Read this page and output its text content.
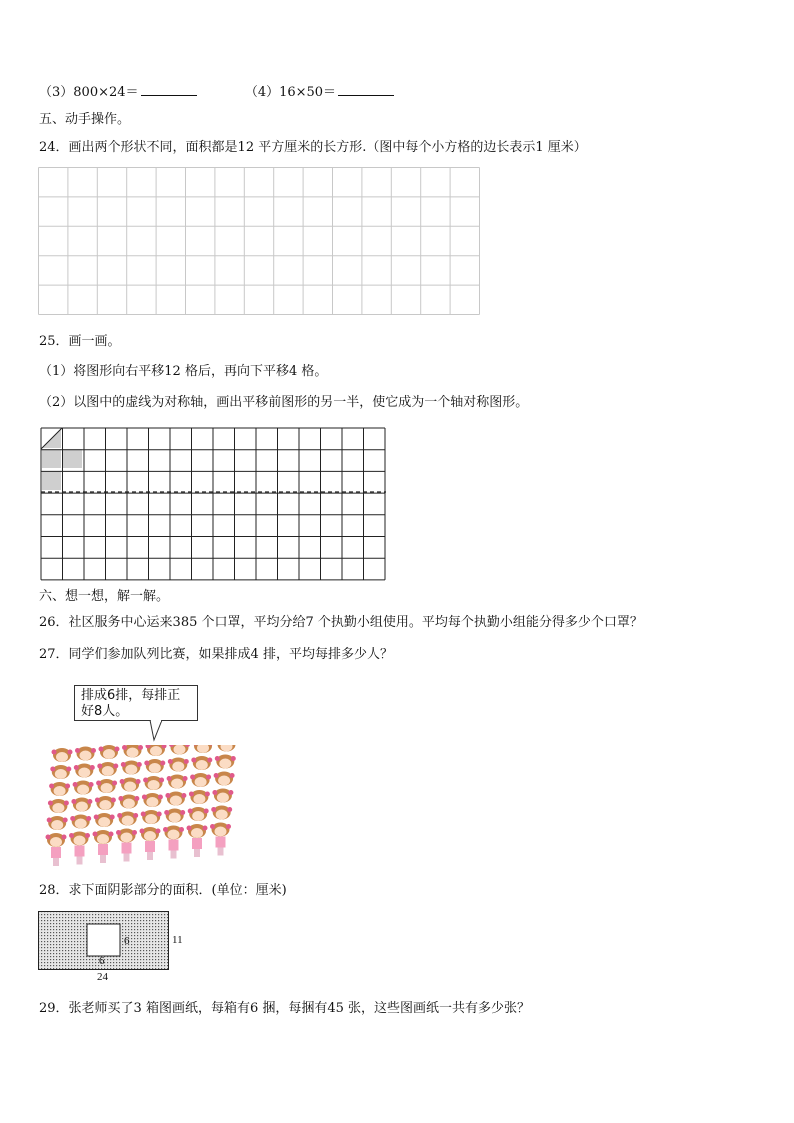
（3）800×24＝	（4）16×50＝
五、动手操作。
24．画出两个形状不同，面积都是12 平方厘米的长方形.（图中每个小方格的边长表示1 厘米）
25．画一画。
（1）将图形向右平移12 格后，再向下平移4 格。
（2）以图中的虚线为对称轴，画出平移前图形的另一半，使它成为一个轴对称图形。
六、想一想，解一解。
26．社区服务中心运来385 个口罩，平均分给7 个执勤小组使用。平均每个执勤小组能分得多少个口罩？
27．同学们参加队列比赛，如果排成4 排，平均每排多少人？
排成6排，每排正
好8人。
28．求下面阴影部分的面积．(单位：厘米)
6
6
11
24
29．张老师买了3 箱图画纸，每箱有6 捆，每捆有45 张，这些图画纸一共有多少张？
